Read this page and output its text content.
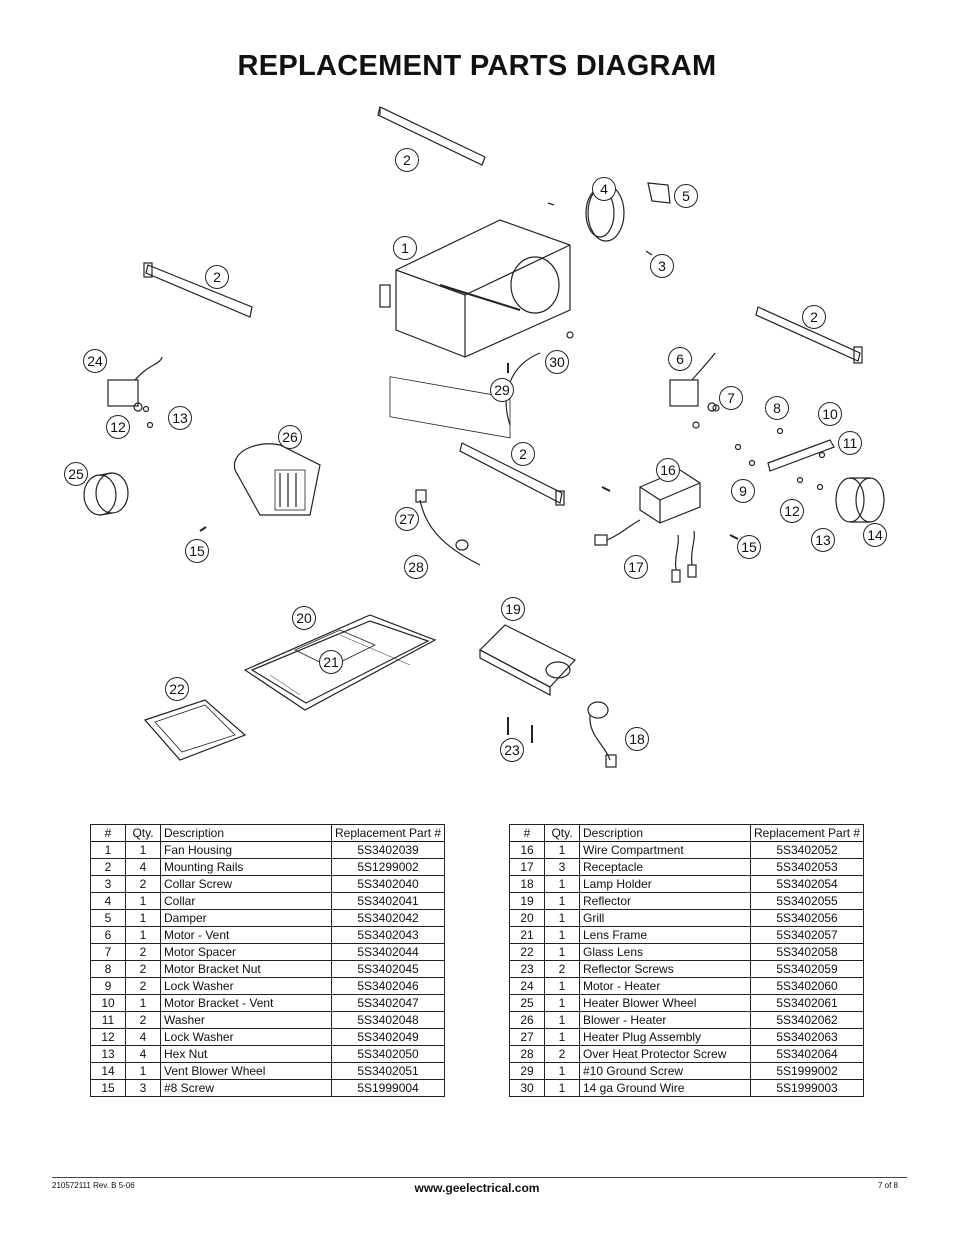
REPLACEMENT PARTS DIAGRAM
2
4	5
1
3
2
2
24	30	6
29	7
8	10
13
12
26	11
2
25	16
9
12
27
14
13
15
15
28	17
19
20
21
22
18
23
#	Qty.	Description	Replacement Part #
1	1	Fan Housing	5S3402039
2	4	Mounting Rails	5S1299002
3	2	Collar Screw	5S3402040
4	1	Collar	5S3402041
5	1	Damper	5S3402042
6	1	Motor - Vent	5S3402043
7	2	Motor Spacer	5S3402044
8	2	Motor Bracket Nut	5S3402045
9	2	Lock Washer	5S3402046
10	1	Motor Bracket - Vent	5S3402047
11	2	Washer	5S3402048
12	4	Lock Washer	5S3402049
13	4	Hex Nut	5S3402050
14	1	Vent Blower Wheel	5S3402051
15	3	#8 Screw	5S1999004
#	Qty.	Description	Replacement Part #
16	1	Wire Compartment	5S3402052
17	3	Receptacle	5S3402053
18	1	Lamp Holder	5S3402054
19	1	Reflector	5S3402055
20	1	Grill	5S3402056
21	1	Lens Frame	5S3402057
22	1	Glass Lens	5S3402058
23	2	Reflector Screws	5S3402059
24	1	Motor - Heater	5S3402060
25	1	Heater Blower Wheel	5S3402061
26	1	Blower - Heater	5S3402062
27	1	Heater Plug Assembly	5S3402063
28	2	Over Heat Protector Screw	5S3402064
29	1	#10 Ground Screw	5S1999002
30	1	14 ga Ground Wire	5S1999003
210572111 Rev. B 5-06	www.geelectrical.com	7 of 8
